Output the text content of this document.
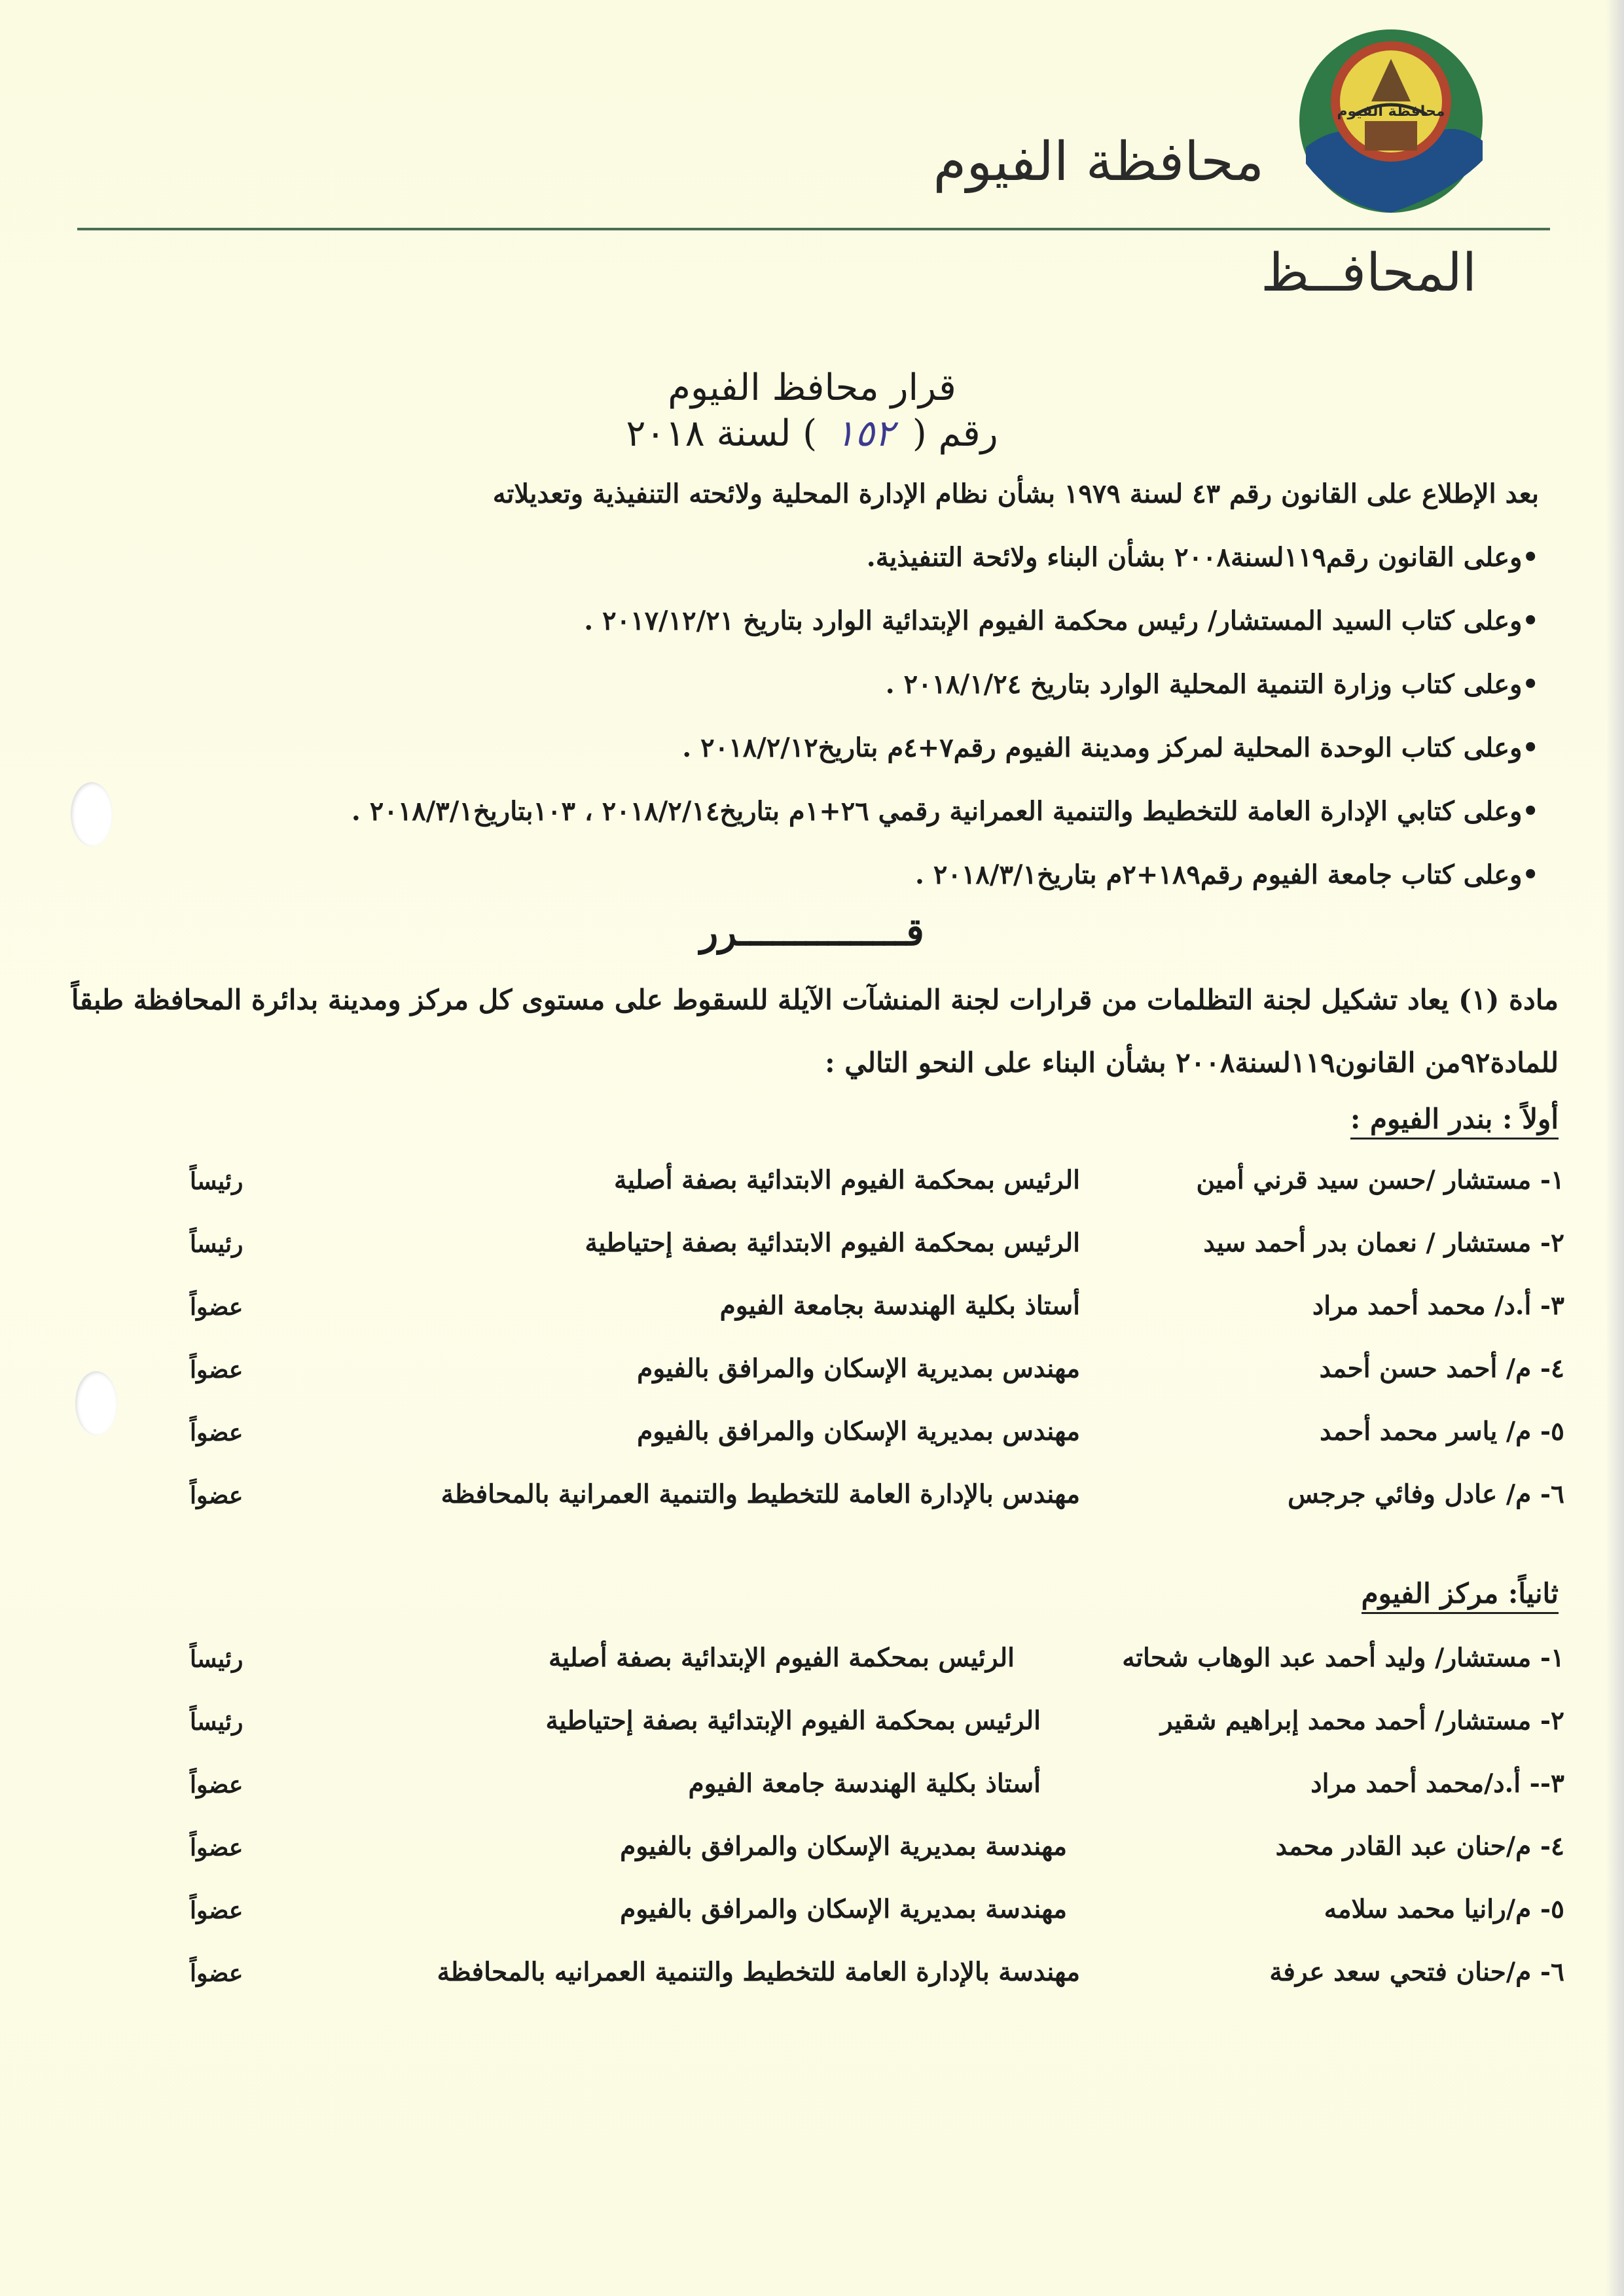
محافظة الفيوم
محافظة الفيوم
المحافــظ
قرار محافظ الفيوم
رقم ( ١٥٢ ) لسنة ٢٠١٨
بعد الإطلاع على القانون رقم ٤٣ لسنة ١٩٧٩ بشأن نظام الإدارة المحلية ولائحته التنفيذية وتعديلاته
•وعلى القانون رقم١١٩لسنة٢٠٠٨ بشأن البناء ولائحة التنفيذية.
•وعلى كتاب السيد المستشار/ رئيس محكمة الفيوم الإبتدائية الوارد بتاريخ ٢٠١٧/١٢/٢١ .
•وعلى كتاب وزارة التنمية المحلية الوارد بتاريخ ٢٠١٨/١/٢٤ .
•وعلى كتاب الوحدة المحلية لمركز ومدينة الفيوم رقم٧+٤م بتاريخ٢٠١٨/٢/١٢ .
•وعلى كتابي الإدارة العامة للتخطيط والتنمية العمرانية رقمي ٢٦+١م بتاريخ٢٠١٨/٢/١٤ ، ١٠٣بتاريخ٢٠١٨/٣/١ .
•وعلى كتاب جامعة الفيوم رقم١٨٩+٢م بتاريخ٢٠١٨/٣/١ .
قـــــــــــــــرر
مادة (١) يعاد تشكيل لجنة التظلمات من قرارات لجنة المنشآت الآيلة للسقوط على مستوى كل مركز ومدينة بدائرة المحافظة طبقاً للمادة٩٢من القانون١١٩لسنة٢٠٠٨ بشأن البناء على النحو التالي :
أولاً : بندر الفيوم :
١- مستشار /حسن سيد قرني أمين
الرئيس بمحكمة الفيوم الابتدائية بصفة أصلية
رئيساً
٢- مستشار / نعمان بدر أحمد سيد
الرئيس بمحكمة الفيوم الابتدائية بصفة إحتياطية
رئيساً
٣- أ.د/ محمد أحمد مراد
أستاذ بكلية الهندسة بجامعة الفيوم
عضواً
٤- م/ أحمد حسن أحمد
مهندس بمديرية الإسكان والمرافق بالفيوم
عضواً
٥- م/ ياسر محمد أحمد
مهندس بمديرية الإسكان والمرافق بالفيوم
عضواً
٦- م/ عادل وفائي جرجس
مهندس بالإدارة العامة للتخطيط والتنمية العمرانية بالمحافظة
عضواً
ثانياً: مركز الفيوم
١- مستشار/ وليد أحمد عبد الوهاب شحاته
الرئيس بمحكمة الفيوم الإبتدائية بصفة أصلية
رئيساً
٢- مستشار/ أحمد محمد إبراهيم شقير
الرئيس بمحكمة الفيوم الإبتدائية بصفة إحتياطية
رئيساً
٣-- أ.د/محمد أحمد مراد
أستاذ بكلية الهندسة جامعة الفيوم
عضواً
٤- م/حنان عبد القادر محمد
مهندسة بمديرية الإسكان والمرافق بالفيوم
عضواً
٥- م/رانيا محمد سلامه
مهندسة بمديرية الإسكان والمرافق بالفيوم
عضواً
٦- م/حنان فتحي سعد عرفة
مهندسة بالإدارة العامة للتخطيط والتنمية العمرانيه بالمحافظة
عضواً
